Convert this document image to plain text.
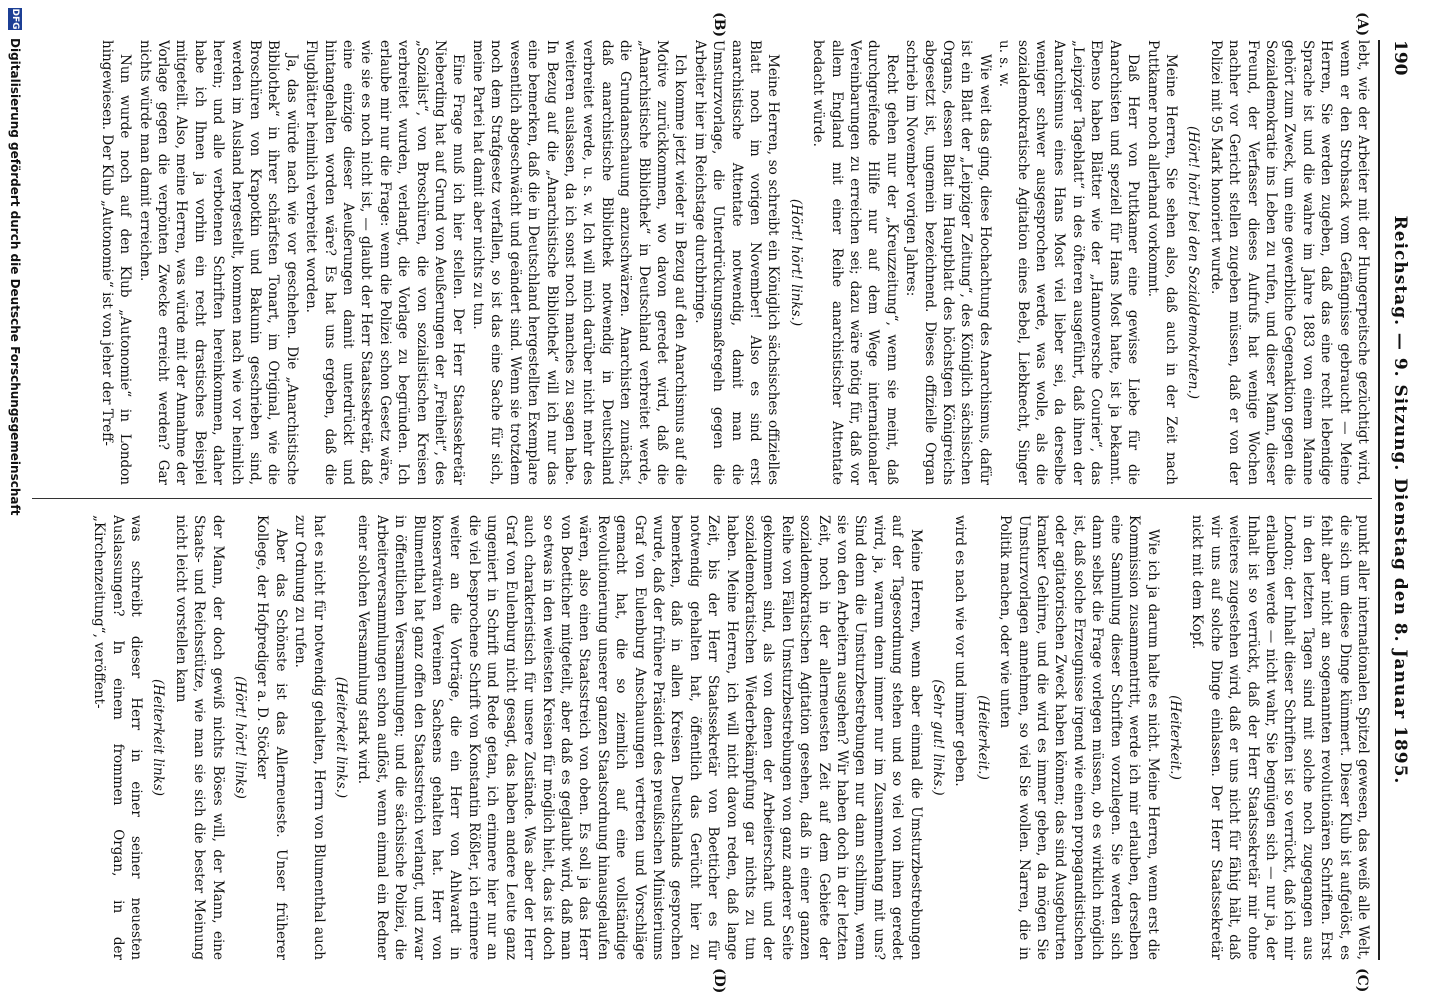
190
Reichstag. — 9. Sitzung. Dienstag den 8. Januar 1895.
(A)
(B)
(C)
(D)

lebt, wie der Arbeiter mit der Hungerpeitsche gezüchtigt wird, wenn er den Strohsack vom Gefängnisse gebraucht — Meine Herren, Sie werden zugeben, daß das eine recht lebendige Sprache ist und die wahre im Jahre 1883 von einem Manne gehört zum Zweck, um eine gewerbliche Gegenaktion gegen die Sozialdemokratie ins Leben zu rufen, und dieser Mann, dieser Freund, der Verfasser dieses Aufrufs hat wenige Wochen nachher vor Gericht stellen zugeben müssen, daß er von der Polizei mit 95 Mark honoriert wurde.

(Hört! hört! bei den Sozialdemokraten.)

Meine Herren, Sie sehen also, daß auch in der Zeit nach Puttkamer noch allerhand vorkommt.

Daß Herr von Puttkamer eine gewisse Liebe für die Anarchisten und speziell für Hans Most hatte, ist ja bekannt. Ebenso haben Blätter wie der „Hannoversche Courier“, das „Leipziger Tageblatt“ in des öfteren ausgeführt, daß ihnen der Anarchismus eines Hans Most viel lieber sei, da derselbe weniger schwer ausgesprochen werde, was wolle, als die sozialdemokratische Agitation eines Bebel, Liebknecht, Singer u. s. w.

Wie weit das ging, diese Hochachtung des Anarchismus, dafür ist ein Blatt der „Leipziger Zeitung“, des Königlich sächsischen Organs, dessen Blatt im Hauptblatt des höchstgen Königreichs abgesetzt ist, ungemein bezeichnend. Dieses offizielle Organ schrieb im November vorigen Jahres:

Recht gehen nur der „Kreuzzeitung“, wenn sie meint, daß durchgreifende Hilfe nur auf dem Wege internationaler Vereinbarungen zu erreichen sei; dazu wäre nötig für, daß vor allem England mit einer Reihe anarchistischer Attentate bedacht würde.

(Hört! hört! links.)

Meine Herren, so schreibt ein Königlich sächsisches offizielles Blatt noch im vorigen November! Also es sind erst anarchistische Attentate notwendig, damit man die Umsturzvorlage, die Unterdrückungsmaßregeln gegen die Arbeiter hier im Reichstage durchbringe.

Ich komme jetzt wieder in Bezug auf den Anarchismus auf die Motive zurückkommen, wo davon geredet wird, daß die „Anarchistische Bibliothek“ in Deutschland verbreitet werde, die Grundanschauung anzuschwärzen. Anarchisten zunächst, daß anarchistische Bibliothek notwendig in Deutschland verbreitet werde, u. s. w. Ich will mich darüber nicht mehr des weiteren auslassen, da ich sonst noch manches zu sagen habe. In Bezug auf die „Anarchistische Bibliothek“ will ich nur das eine bemerken, daß die in Deutschland hergestellten Exemplare wesentlich abgeschwächt und geändert sind. Wenn sie trotzdem noch dem Strafgesetz verfallen, so ist das eine Sache für sich, meine Partei hat damit aber nichts zu tun.

Eine Frage muß ich hier stellen. Der Herr Staatssekretär Nieberding hat auf Grund von Aeußerungen der „Freiheit“, des „Sozialist“, von Broschüren, die von sozialistischen Kreisen verbreitet wurden, verlangt, die Vorlage zu begründen. Ich erlaube mir nur die Frage: wenn die Polizei schon Gesetz wäre, wie sie es noch nicht ist, — glaubt der Herr Staatssekretär, daß eine einzige dieser Aeußerungen damit unterdrückt und hintangehalten worden wäre? Es hat uns ergeben, daß die Flugblätter heimlich verbreitet worden.

Ja, das würde nach wie vor geschehen. Die „Anarchistische Bibliothek“ in ihrer schärfsten Tonart, im Original, wie die Broschüren von Krapotkin und Bakunin geschrieben sind, werden im Ausland hergestellt, kommen nach wie vor heimlich herein; und alle verbotenen Schriften hereinkommen, daher habe ich Ihnen ja vorhin ein recht drastisches Beispiel mitgeteilt. Also, meine Herren, was würde mit der Annahme der Vorlage gegen die verpönten Zwecke erreicht werden? Gar nichts würde man damit erreichen.

Nun wurde noch auf den Klub „Autonomie“ in London hingewiesen. Der Klub „Autonomie“ ist von jeher der Treff-

punkt aller internationalen Spitzel gewesen, das weiß alle Welt, die sich um diese Dinge kümmert. Dieser Klub ist aufgelöst, es fehlt aber nicht an sogenannten revolutionären Schriften. Erst in den letzten Tagen sind mit solche noch zugegangen aus London; der Inhalt dieser Schriften ist so verrückt, daß ich mir erlauben werde — nicht wahr, Sie begnügen sich — nur ja, der Inhalt ist so verrückt, daß der Herr Staatssekretär mir ohne weiteres zugestehen wird, daß er uns nicht für fähig hält, daß wir uns auf solche Dinge einlassen. Der Herr Staatssekretär nickt mit dem Kopf.

(Heiterkeit.)

Wie ich ja darum halte es nicht. Meine Herren, wenn erst die Kommission zusammentritt, werde ich mir erlauben, derselben eine Sammlung dieser Schriften vorzulegen. Sie werden sich dann selbst die Frage vorlegen müssen, ob es wirklich möglich ist, daß solche Erzeugnisse irgend wie einen propagandistischen oder agitatorischen Zweck haben können; das sind Ausgeburten kranker Gehirne, und die wird es immer geben, da mögen Sie Umsturzvorlagen annehmen, so viel Sie wollen. Narren, die in Politik machen, oder wie unten

(Heiterkeit.)

wird es nach wie vor und immer geben.

(Sehr gut! links.)

Meine Herren, wenn aber einmal die Umsturzbestrebungen auf der Tagesordnung stehen und so viel von ihnen geredet wird, ja, warum denn immer nur im Zusammenhang mit uns? Sind denn die Umsturzbestrebungen nur dann schlimm, wenn sie von den Arbeitern ausgehen? Wir haben doch in der letzten Zeit, noch in der allerneuesten Zeit auf dem Gebiete der sozialdemokratischen Agitation gesehen, daß in einer ganzen Reihe von Fällen Umsturzbestrebungen von ganz anderer Seite gekommen sind, als von denen der Arbeiterschaft und der sozialdemokratischen Wiederbekämpfung gar nichts zu tun haben. Meine Herren, ich will nicht davon reden, daß lange Zeit, bis der Herr Staatssekretär von Boetticher es für notwendig gehalten hat, öffentlich das Gerücht hier zu bemerken, daß in allen Kreisen Deutschlands gesprochen wurde, daß der frühere Präsident des preußischen Ministeriums Graf von Eulenburg Anschauungen vertreten und Vorschläge gemacht hat, die so ziemlich auf eine vollständige Revolutionierung unserer ganzen Staatsordnung hinausgelaufen wären, also einen Staatsstreich von oben. Es soll ja das Herr von Boetticher mitgeteilt, aber daß es geglaubt wird, daß man so etwas in den weitesten Kreisen für möglich hielt, das ist doch auch charakteristisch für unsere Zustände. Was aber der Herr Graf von Eulenburg nicht gesagt, das haben andere Leute ganz ungeniert in Schrift und Rede getan, ich erinnere hier nur an die viel besprochene Schrift von Konstantin Rößler, ich erinnere weiter an die Vorträge, die ein Herr von Ahlwardt in konservativen Vereinen Sachsens gehalten hat. Herr von Blumenthal hat ganz offen den Staatsstreich verlangt, und zwar in öffentlichen Versammlungen; und die sächsische Polizei, die Arbeiterversammlungen schon auflöst, wenn einmal ein Redner einer solchen Versammlung stark wird.

(Heiterkeit links.)

hat es nicht für notwendig gehalten, Herrn von Blumenthal auch zur Ordnung zu rufen.

Aber das Schönste ist das Allerneueste. Unser früherer Kollege, der Hofprediger a. D. Stöcker

(Hört! hört! links)

der Mann, der doch gewiß nichts Böses will, der Mann, eine Staats- und Reichsstütze, wie man sie sich die bester Meinung nicht leicht vorstellen kann

(Heiterkeit links)

was schreibt dieser Herr in einer seiner neuesten Auslassungen? In einem frommen Organ, in der „Kirchenzeitung“, veröffent-

DFG
Digitalisierung gefördert durch die Deutsche Forschungsgemeinschaft
